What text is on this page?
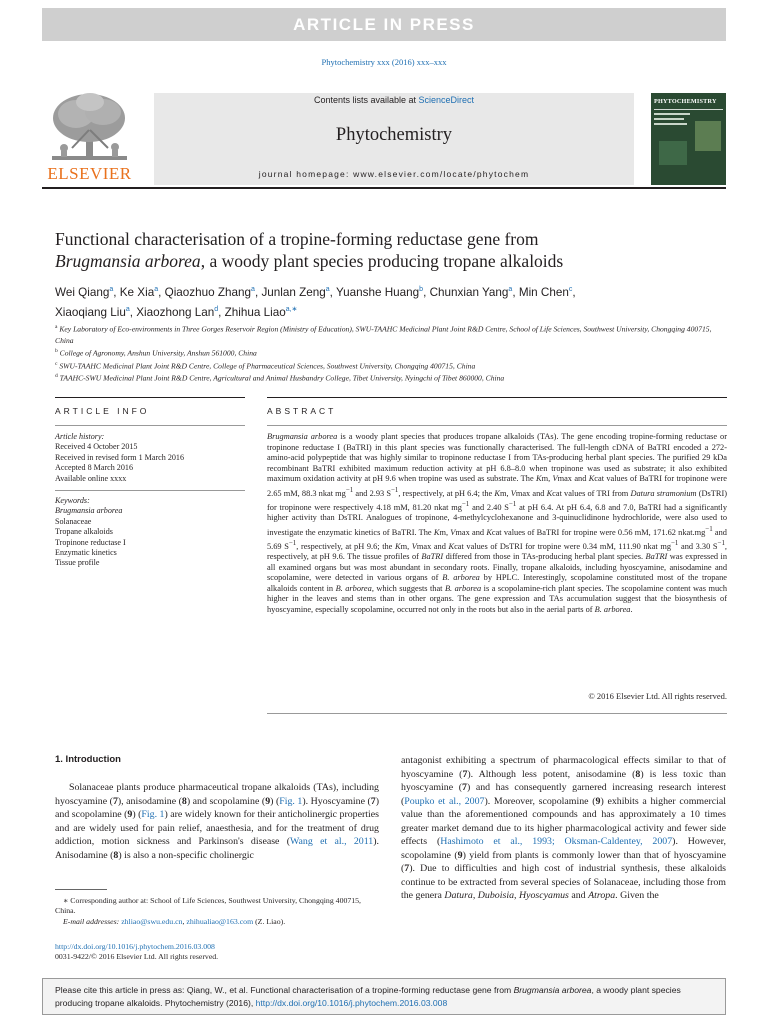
ARTICLE IN PRESS
Phytochemistry xxx (2016) xxx–xxx
ELSEVIER
Contents lists available at ScienceDirect
Phytochemistry
journal homepage: www.elsevier.com/locate/phytochem
PHYTOCHEMISTRY
Functional characterisation of a tropine-forming reductase gene from
Brugmansia arborea, a woody plant species producing tropane alkaloids
Wei Qiang$^a$, Ke Xia$^a$, Qiaozhuo Zhang$^a$, Junlan Zeng$^a$, Yuanshe Huang$^b$, Chunxian Yang$^a$, Min Chen$^c$,
Xiaoqiang Liu$^a$, Xiaozhong Lan$^d$, Zhihua Liao$^{a,∗}$
$^a$ Key Laboratory of Eco-environments in Three Gorges Reservoir Region (Ministry of Education), SWU-TAAHC Medicinal Plant Joint R&D Centre, School of Life Sciences, Southwest University, Chongqing 400715, China
$^b$ College of Agronomy, Anshun University, Anshun 561000, China
$^c$ SWU-TAAHC Medicinal Plant Joint R&D Centre, College of Pharmaceutical Sciences, Southwest University, Chongqing 400715, China
$^d$ TAAHC-SWU Medicinal Plant Joint R&D Centre, Agricultural and Animal Husbandry College, Tibet University, Nyingchi of Tibet 860000, China
ARTICLE INFO	ABSTRACT
Article history:
Received 4 October 2015
Received in revised form 1 March 2016
Accepted 8 March 2016
Available online xxxx
Keywords:
Brugmansia arborea
Solanaceae
Tropane alkaloids
Tropinone reductase I
Enzymatic kinetics
Tissue profile
Brugmansia arborea is a woody plant species that produces tropane alkaloids (TAs). The gene encoding tropine-forming reductase or tropinone reductase I (BaTRI) in this plant species was functionally characterised. The full-length cDNA of BaTRI encoded a 272-amino-acid polypeptide that was highly similar to tropinone reductase I from TAs-producing herbal plant species. The purified 29 kDa recombinant BaTRI exhibited maximum reduction activity at pH 6.8–8.0 when tropinone was used as substrate; it also exhibited maximum oxidation activity at pH 9.6 when tropine was used as substrate. The Km, Vmax and Kcat values of BaTRI for tropinone were 2.65 mM, 88.3 nkat $mg^{-1}$ and 2.93 $S^{-1}$, respectively, at pH 6.4; the Km, Vmax and Kcat values of TRI from Datura stramonium (DsTRI) for tropinone were respectively 4.18 mM, 81.20 nkat $mg^{-1}$ and 2.40 $S^{-1}$ at pH 6.4. At pH 6.4, 6.8 and 7.0, BaTRI had a significantly higher activity than DsTRI. Analogues of tropinone, 4-methylcyclohexanone and 3-quinuclidinone hydrochloride, were also used to investigate the enzymatic kinetics of BaTRI. The Km, Vmax and Kcat values of BaTRI for tropine were 0.56 mM, 171.62 $nkat.mg^{-1}$ and 5.69 $S^{-1}$, respectively, at pH 9.6; the Km, Vmax and Kcat values of DsTRI for tropine were 0.34 mM, 111.90 nkat $mg^{-1}$ and 3.30 $S^{-1}$, respectively, at pH 9.6. The tissue profiles of BaTRI differed from those in TAs-producing herbal plant species. BaTRI was expressed in all examined organs but was most abundant in secondary roots. Finally, tropane alkaloids, including hyoscyamine, anisodamine and scopolamine, were detected in various organs of B. arborea by HPLC. Interestingly, scopolamine constituted most of the tropane alkaloids content in B. arborea, which suggests that B. arborea is a scopolamine-rich plant species. The scopolamine content was much higher in the leaves and stems than in other organs. The gene expression and TAs accumulation suggest that the biosynthesis of hyoscyamine, especially scopolamine, occurred not only in the roots but also in the aerial parts of B. arborea.
© 2016 Elsevier Ltd. All rights reserved.
1. Introduction
Solanaceae plants produce pharmaceutical tropane alkaloids (TAs), including hyoscyamine (7), anisodamine (8) and scopolamine (9) (Fig. 1). Hyoscyamine (7) and scopolamine (9) (Fig. 1) are widely known for their anticholinergic properties and are widely used for pain relief, anaesthesia, and for the treatment of drug addiction, motion sickness and Parkinson's disease (Wang et al., 2011). Anisodamine (8) is also a non-specific cholinergic
∗ Corresponding author at: School of Life Sciences, Southwest University, Chongqing 400715, China.
E-mail addresses: zhliao@swu.edu.cn, zhihualiao@163.com (Z. Liao).
http://dx.doi.org/10.1016/j.phytochem.2016.03.008
0031-9422/© 2016 Elsevier Ltd. All rights reserved.
antagonist exhibiting a spectrum of pharmacological effects similar to that of hyoscyamine (7). Although less potent, anisodamine (8) is less toxic than hyoscyamine (7) and has consequently garnered increasing research interest (Poupko et al., 2007). Moreover, scopolamine (9) exhibits a higher commercial value than the aforementioned compounds and has approximately a 10 times greater market demand due to its higher pharmacological activity and fewer side effects (Hashimoto et al., 1993; Oksman-Caldentey, 2007). However, scopolamine (9) yield from plants is commonly lower than that of hyoscyamine (7). Due to difficulties and high cost of industrial synthesis, these alkaloids continue to be extracted from several species of Solanaceae, including those from the genera Datura, Duboisia, Hyoscyamus and Atropa. Given the
Please cite this article in press as: Qiang, W., et al. Functional characterisation of a tropine-forming reductase gene from Brugmansia arborea, a woody plant species producing tropane alkaloids. Phytochemistry (2016), http://dx.doi.org/10.1016/j.phytochem.2016.03.008
